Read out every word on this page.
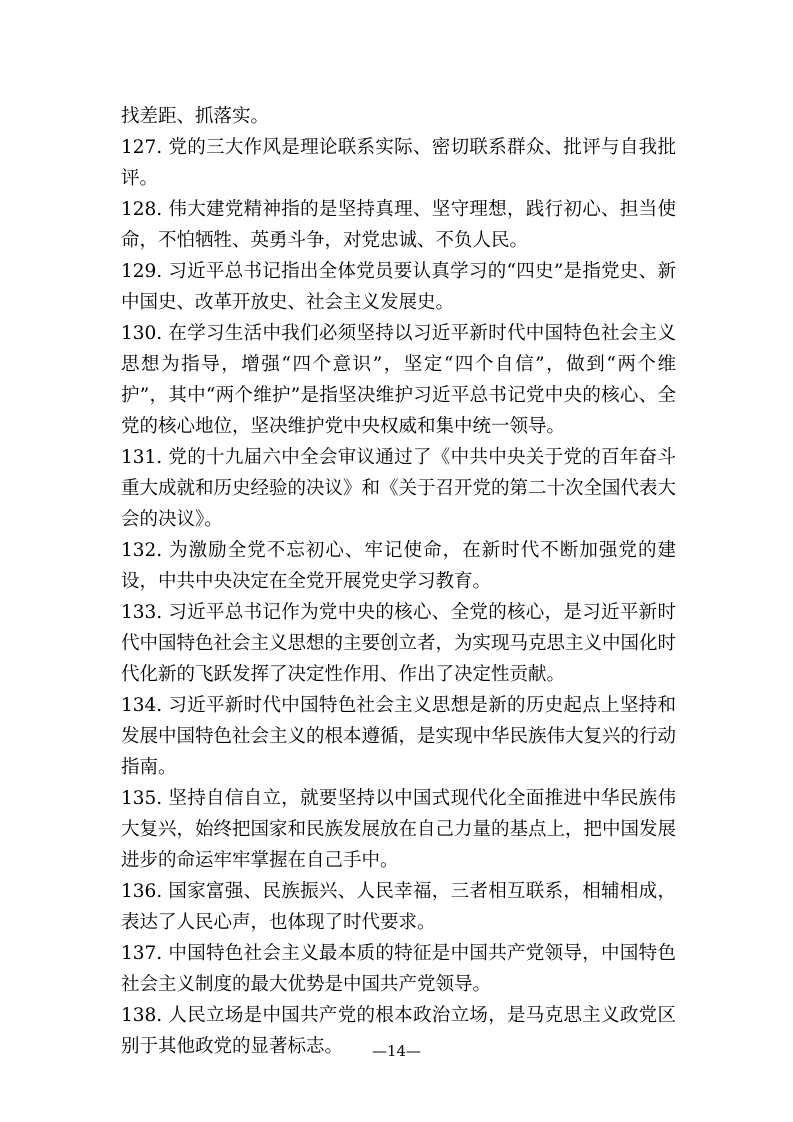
找差距、抓落实。

127. 党的三大作风是理论联系实际、密切联系群众、批评与自我批评。

128. 伟大建党精神指的是坚持真理、坚守理想，践行初心、担当使命，不怕牺牲、英勇斗争，对党忠诚、不负人民。

129. 习近平总书记指出全体党员要认真学习的“四史”是指党史、新中国史、改革开放史、社会主义发展史。

130. 在学习生活中我们必须坚持以习近平新时代中国特色社会主义思想为指导，增强“四个意识”，坚定“四个自信”，做到“两个维护”，其中“两个维护”是指坚决维护习近平总书记党中央的核心、全党的核心地位，坚决维护党中央权威和集中统一领导。

131. 党的十九届六中全会审议通过了《中共中央关于党的百年奋斗重大成就和历史经验的决议》和《关于召开党的第二十次全国代表大会的决议》。

132. 为激励全党不忘初心、牢记使命，在新时代不断加强党的建设，中共中央决定在全党开展党史学习教育。

133. 习近平总书记作为党中央的核心、全党的核心，是习近平新时代中国特色社会主义思想的主要创立者，为实现马克思主义中国化时代化新的飞跃发挥了决定性作用、作出了决定性贡献。

134. 习近平新时代中国特色社会主义思想是新的历史起点上坚持和发展中国特色社会主义的根本遵循，是实现中华民族伟大复兴的行动指南。

135. 坚持自信自立，就要坚持以中国式现代化全面推进中华民族伟大复兴，始终把国家和民族发展放在自己力量的基点上，把中国发展进步的命运牢牢掌握在自己手中。

136. 国家富强、民族振兴、人民幸福，三者相互联系，相辅相成，表达了人民心声，也体现了时代要求。

137. 中国特色社会主义最本质的特征是中国共产党领导，中国特色社会主义制度的最大优势是中国共产党领导。

138. 人民立场是中国共产党的根本政治立场，是马克思主义政党区别于其他政党的显著标志。	—14—
